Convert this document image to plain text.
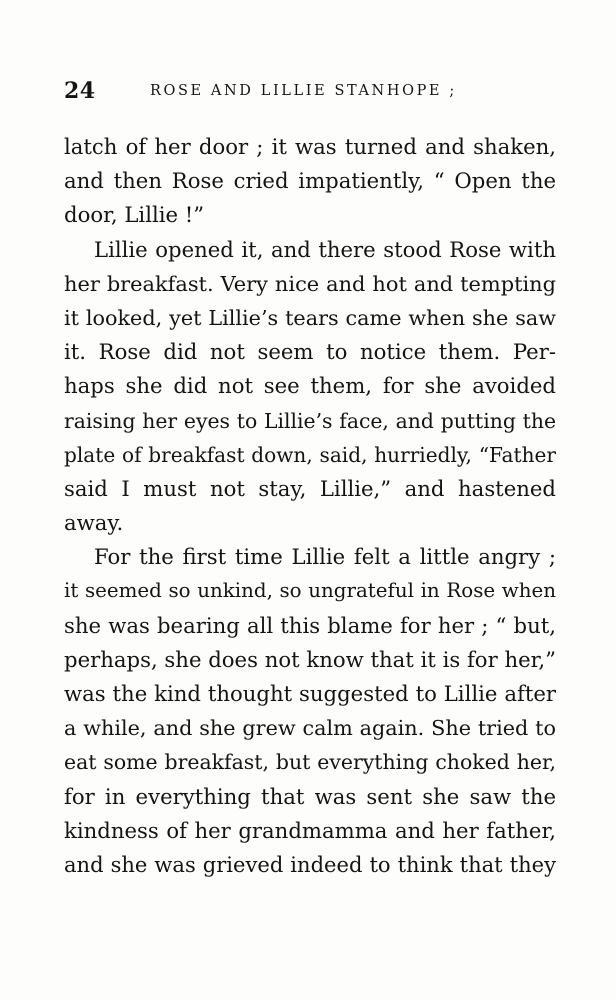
24	ROSE AND LILLIE STANHOPE ;
latch of her door ; it was turned and shaken,
and then Rose cried impatiently, “ Open the
door, Lillie !”
Lillie opened it, and there stood Rose with
her breakfast. Very nice and hot and tempting
it looked, yet Lillie’s tears came when she saw
it. Rose did not seem to notice them. Per-
haps she did not see them, for she avoided
raising her eyes to Lillie’s face, and putting the
plate of breakfast down, said, hurriedly, “Father
said I must not stay, Lillie,” and hastened
away.
For the first time Lillie felt a little angry ;
it seemed so unkind, so ungrateful in Rose when
she was bearing all this blame for her ; “ but,
perhaps, she does not know that it is for her,”
was the kind thought suggested to Lillie after
a while, and she grew calm again. She tried to
eat some breakfast, but everything choked her,
for in everything that was sent she saw the
kindness of her grandmamma and her father,
and she was grieved indeed to think that they
